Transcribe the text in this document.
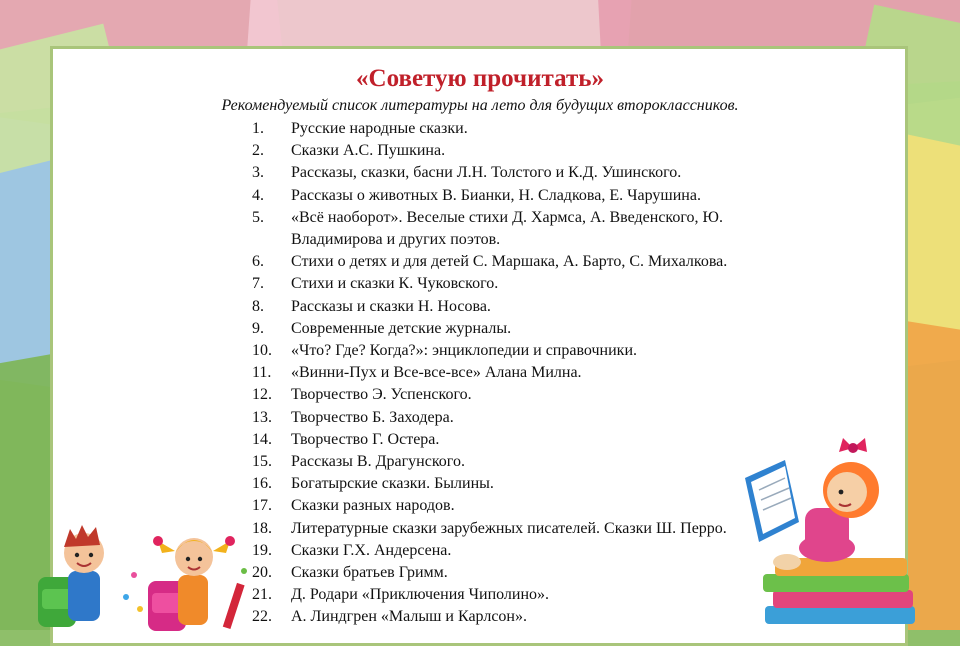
«Советую прочитать»
Рекомендуемый список литературы на лето для будущих второклассников.
1.	Русские народные сказки.
2.	Сказки А.С. Пушкина.
3.	Рассказы, сказки, басни Л.Н. Толстого и К.Д. Ушинского.
4.	Рассказы о животных В. Бианки, Н. Сладкова, Е. Чарушина.
5.	«Всё наоборот». Веселые стихи Д. Хармса, А. Введенского, Ю. Владимирова и других поэтов.
6.	Стихи о детях и для детей С. Маршака, А. Барто, С. Михалкова.
7.	Стихи и сказки К. Чуковского.
8.	Рассказы и сказки Н. Носова.
9.	Современные детские журналы.
10.	«Что? Где? Когда?»: энциклопедии и справочники.
11.	«Винни-Пух и Все-все-все» Алана Милна.
12.	Творчество Э. Успенского.
13.	Творчество Б. Заходера.
14.	Творчество Г. Остера.
15.	Рассказы В. Драгунского.
16.	Богатырские сказки. Былины.
17.	Сказки разных народов.
18.	Литературные сказки зарубежных писателей. Сказки Ш. Перро.
19.	Сказки Г.Х. Андерсена.
20.	Сказки братьев Гримм.
21.	Д. Родари «Приключения Чиполино».
22.	А. Линдгрен «Малыш и Карлсон».
